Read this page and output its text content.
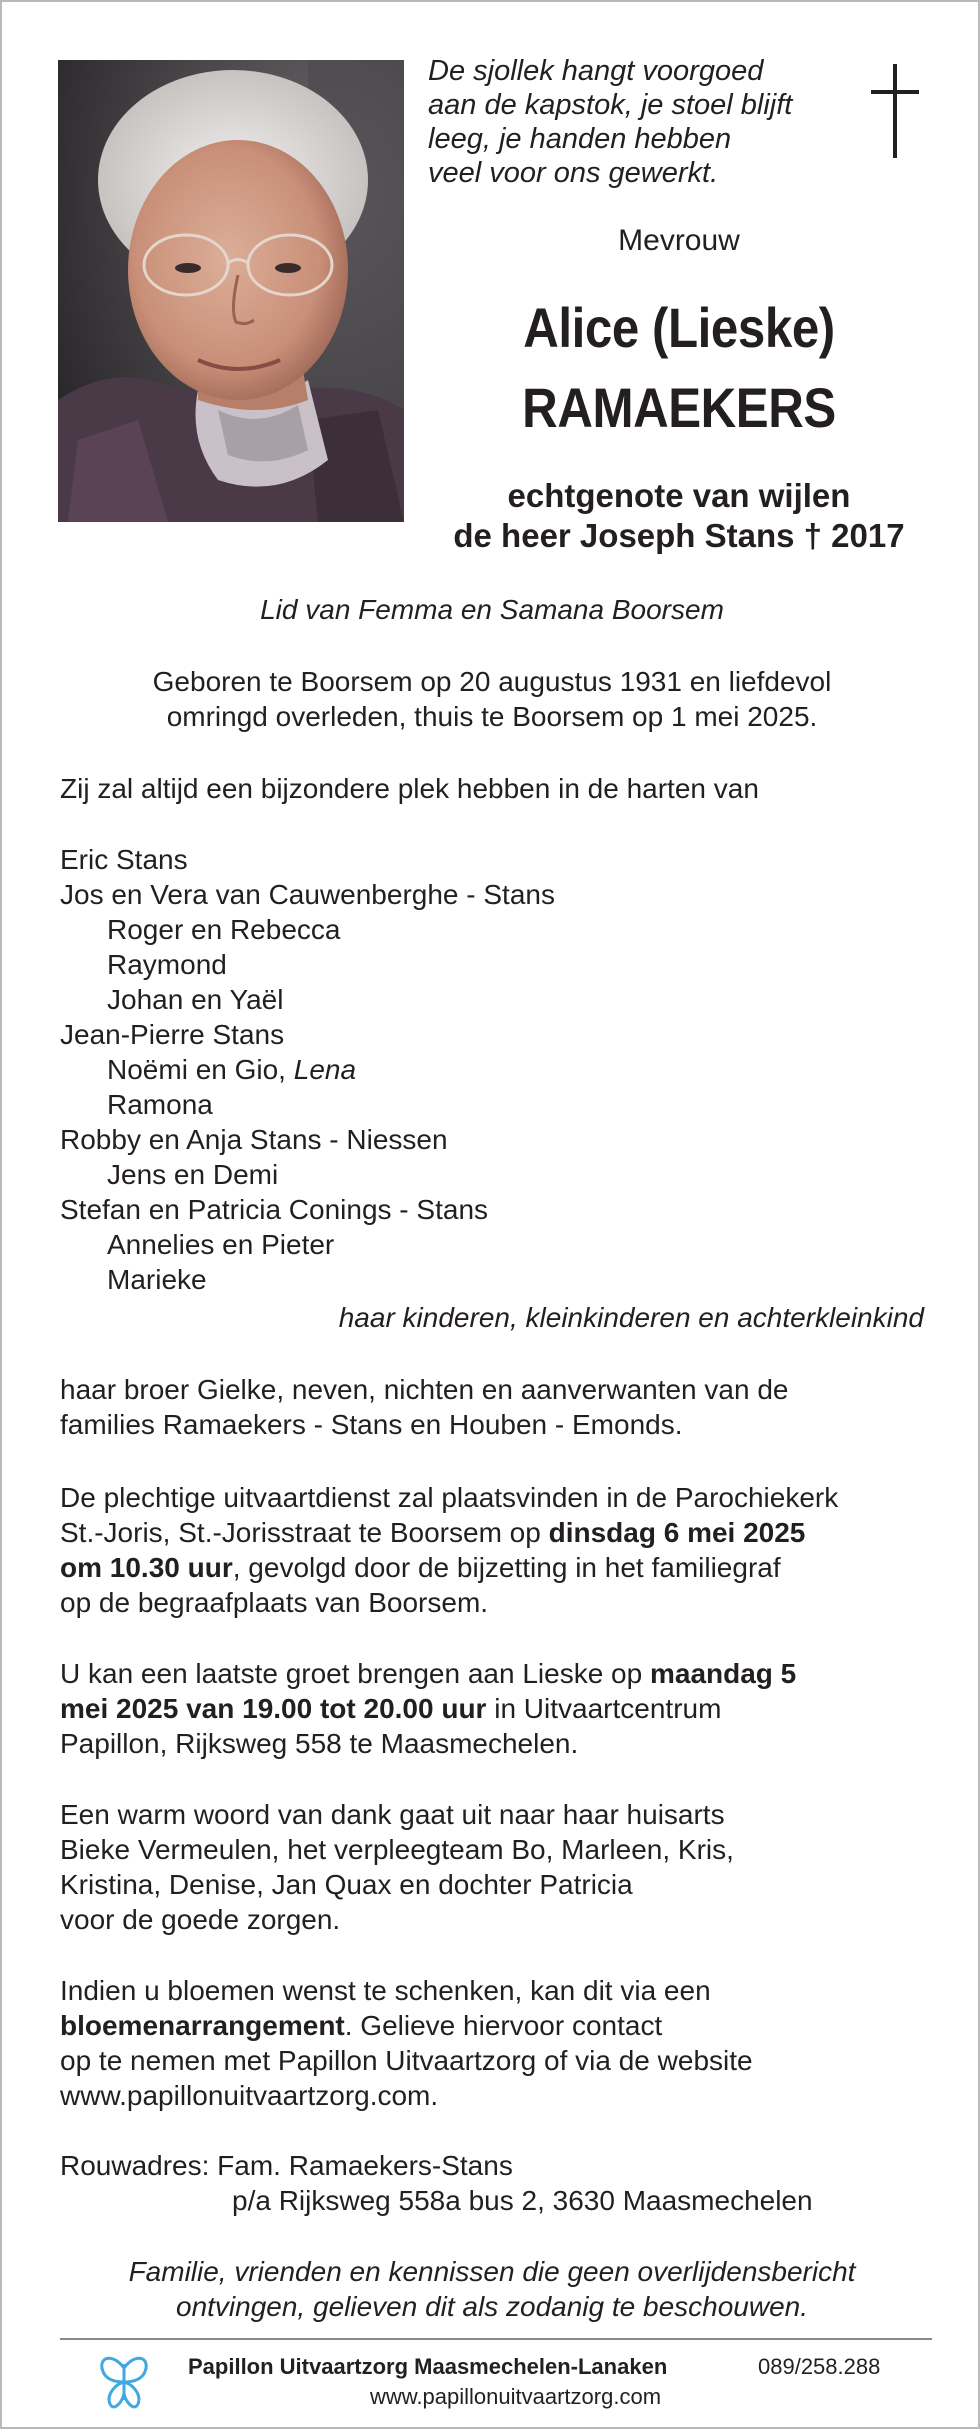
De sjollek hangt voorgoed
aan de kapstok, je stoel blijft
leeg, je handen hebben
veel voor ons gewerkt.
Mevrouw
Alice (Lieske)
RAMAEKERS
echtgenote van wijlen
de heer Joseph Stans † 2017
Lid van Femma en Samana Boorsem
Geboren te Boorsem op 20 augustus 1931 en liefdevol
omringd overleden, thuis te Boorsem op 1 mei 2025.
Zij zal altijd een bijzondere plek hebben in de harten van
Eric Stans
Jos en Vera van Cauwenberghe - Stans
Roger en Rebecca
Raymond
Johan en Yaël
Jean-Pierre Stans
Noëmi en Gio, Lena
Ramona
Robby en Anja Stans - Niessen
Jens en Demi
Stefan en Patricia Conings - Stans
Annelies en Pieter
Marieke
haar kinderen, kleinkinderen en achterkleinkind
haar broer Gielke, neven, nichten en aanverwanten van de
families Ramaekers - Stans en Houben - Emonds.
De plechtige uitvaartdienst zal plaatsvinden in de Parochiekerk
St.-Joris, St.-Jorisstraat te Boorsem op dinsdag 6 mei 2025
om 10.30 uur, gevolgd door de bijzetting in het familiegraf
op de begraafplaats van Boorsem.
U kan een laatste groet brengen aan Lieske op maandag 5
mei 2025 van 19.00 tot 20.00 uur in Uitvaartcentrum
Papillon, Rijksweg 558 te Maasmechelen.
Een warm woord van dank gaat uit naar haar huisarts
Bieke Vermeulen, het verpleegteam Bo, Marleen, Kris,
Kristina, Denise, Jan Quax en dochter Patricia
voor de goede zorgen.
Indien u bloemen wenst te schenken, kan dit via een
bloemenarrangement. Gelieve hiervoor contact
op te nemen met Papillon Uitvaartzorg of via de website
www.papillonuitvaartzorg.com.
Rouwadres: Fam. Ramaekers-Stans
p/a Rijksweg 558a bus 2, 3630 Maasmechelen
Familie, vrienden en kennissen die geen overlijdensbericht
ontvingen, gelieven dit als zodanig te beschouwen.
Papillon Uitvaartzorg Maasmechelen-Lanaken	089/258.288
www.papillonuitvaartzorg.com
